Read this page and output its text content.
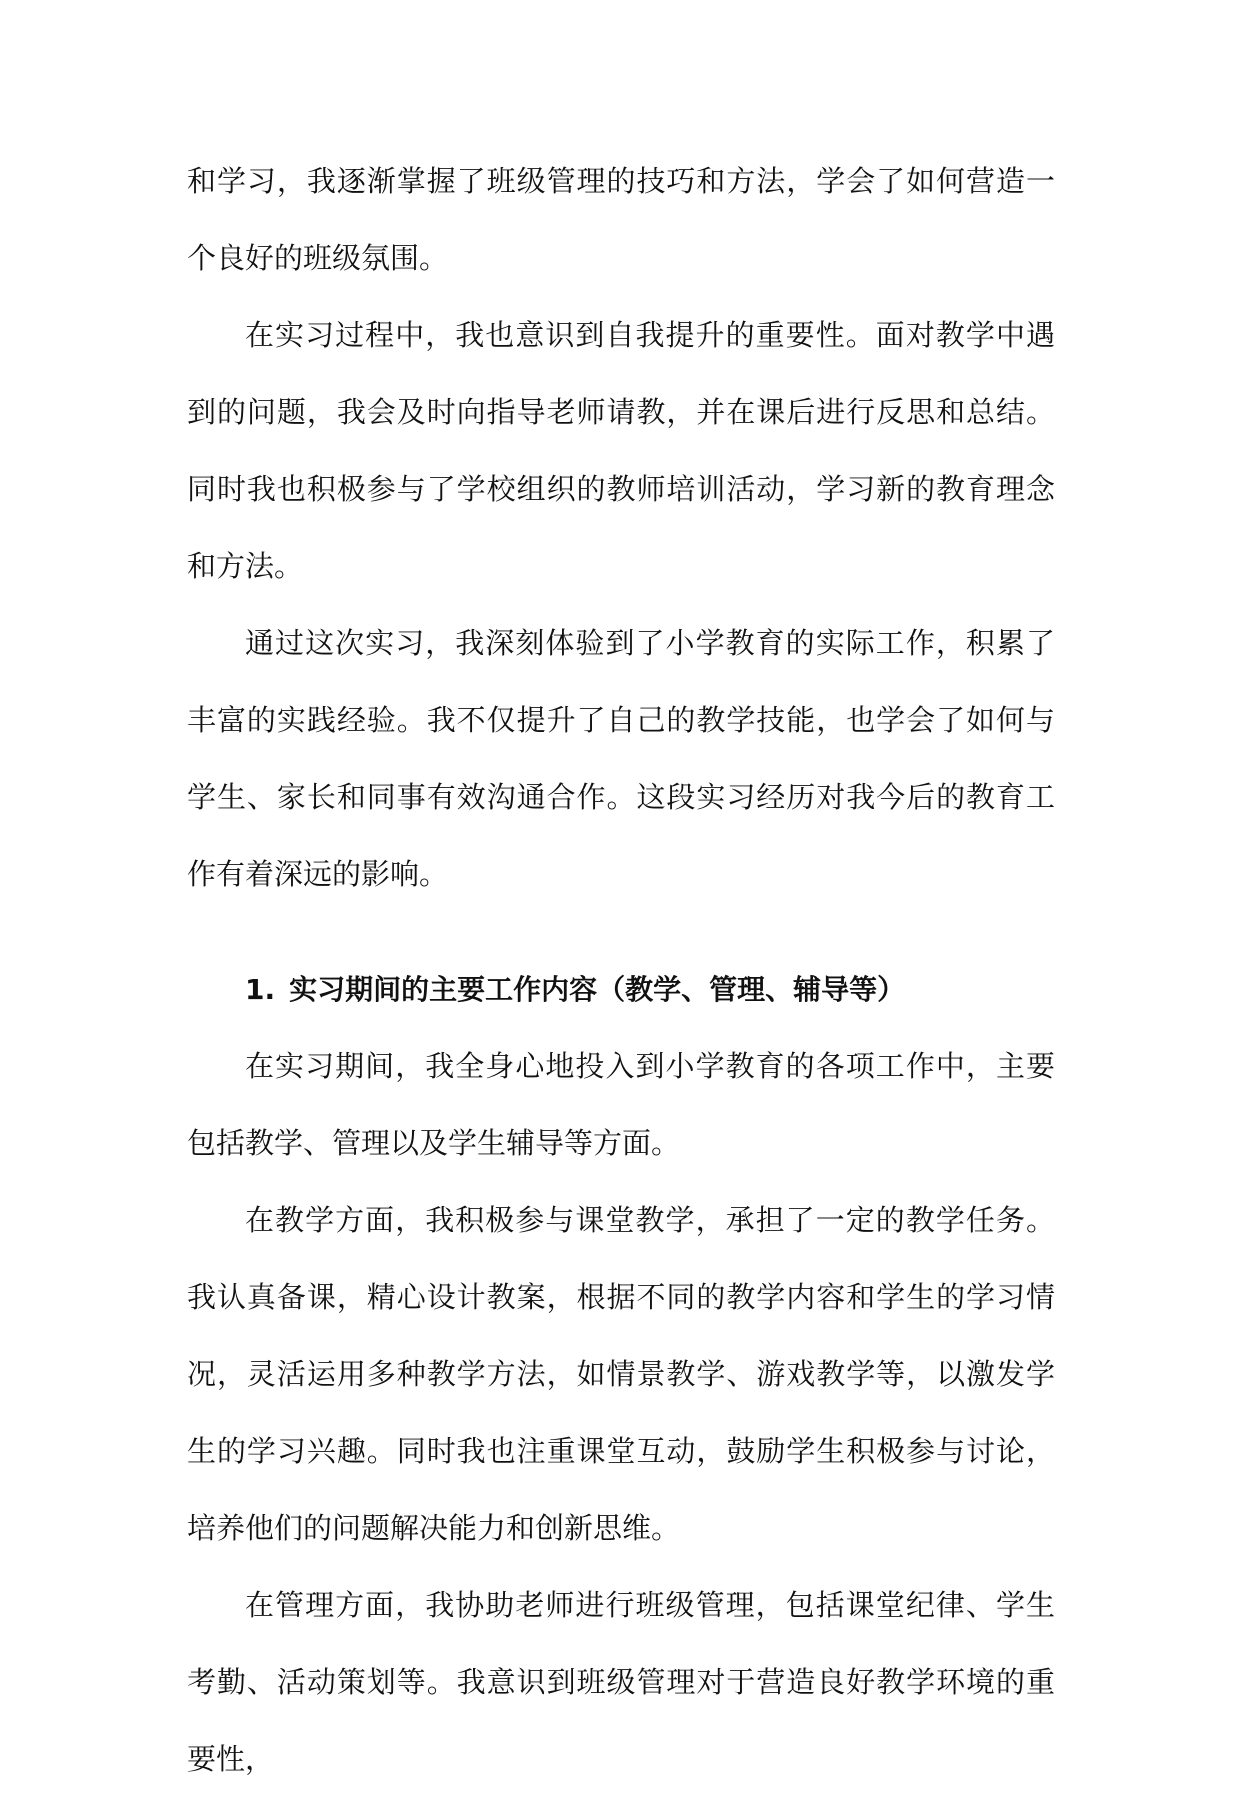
和学习，我逐渐掌握了班级管理的技巧和方法，学会了如何营造一个良好的班级氛围。

在实习过程中，我也意识到自我提升的重要性。面对教学中遇到的问题，我会及时向指导老师请教，并在课后进行反思和总结。同时我也积极参与了学校组织的教师培训活动，学习新的教育理念和方法。

通过这次实习，我深刻体验到了小学教育的实际工作，积累了丰富的实践经验。我不仅提升了自己的教学技能，也学会了如何与学生、家长和同事有效沟通合作。这段实习经历对我今后的教育工作有着深远的影响。

1. 实习期间的主要工作内容（教学、管理、辅导等）

在实习期间，我全身心地投入到小学教育的各项工作中，主要包括教学、管理以及学生辅导等方面。

在教学方面，我积极参与课堂教学，承担了一定的教学任务。我认真备课，精心设计教案，根据不同的教学内容和学生的学习情况，灵活运用多种教学方法，如情景教学、游戏教学等，以激发学生的学习兴趣。同时我也注重课堂互动，鼓励学生积极参与讨论，培养他们的问题解决能力和创新思维。

在管理方面，我协助老师进行班级管理，包括课堂纪律、学生考勤、活动策划等。我意识到班级管理对于营造良好教学环境的重要性，
